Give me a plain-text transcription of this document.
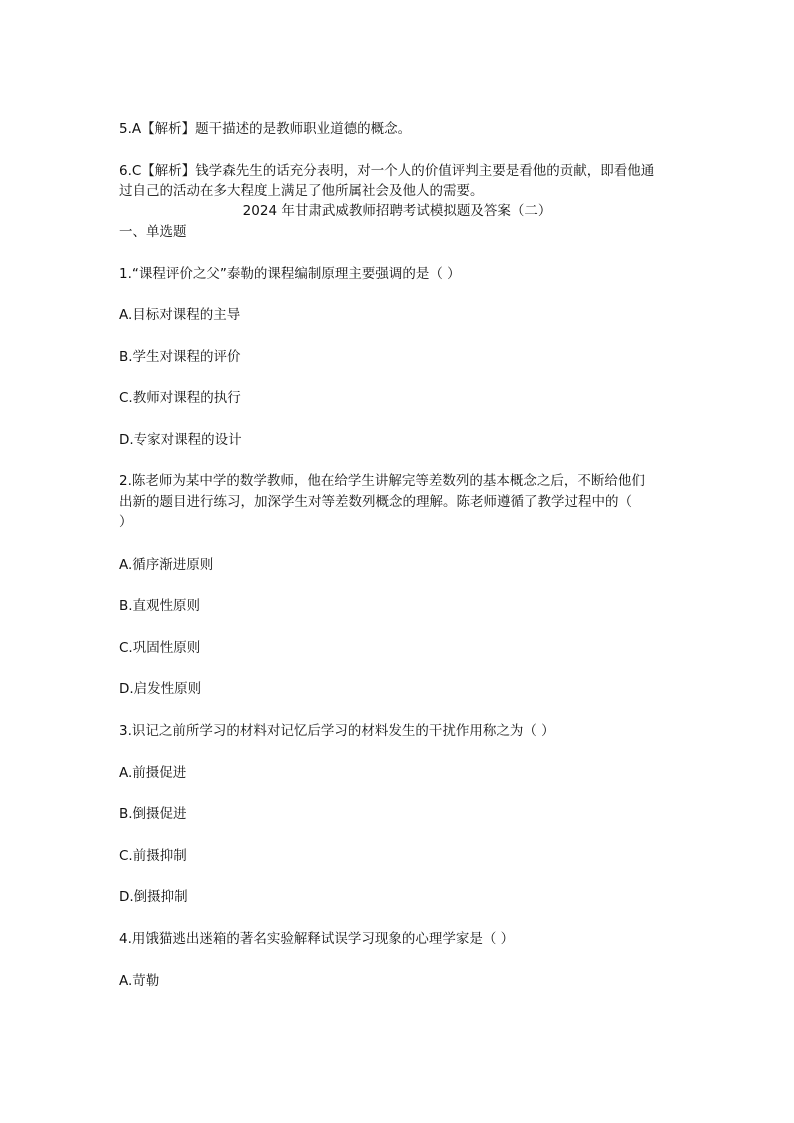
5.A【解析】题干描述的是教师职业道德的概念。
6.C【解析】钱学森先生的话充分表明，对一个人的价值评判主要是看他的贡献，即看他通
过自己的活动在多大程度上满足了他所属社会及他人的需要。
2024 年甘肃武威教师招聘考试模拟题及答案（二）
一、单选题
1.“课程评价之父”泰勒的课程编制原理主要强调的是（ ）
A.目标对课程的主导
B.学生对课程的评价
C.教师对课程的执行
D.专家对课程的设计
2.陈老师为某中学的数学教师，他在给学生讲解完等差数列的基本概念之后，不断给他们
出新的题目进行练习，加深学生对等差数列概念的理解。陈老师遵循了教学过程中的（
）
A.循序渐进原则
B.直观性原则
C.巩固性原则
D.启发性原则
3.识记之前所学习的材料对记忆后学习的材料发生的干扰作用称之为（ ）
A.前摄促进
B.倒摄促进
C.前摄抑制
D.倒摄抑制
4.用饿猫逃出迷箱的著名实验解释试误学习现象的心理学家是（ ）
A.苛勒
